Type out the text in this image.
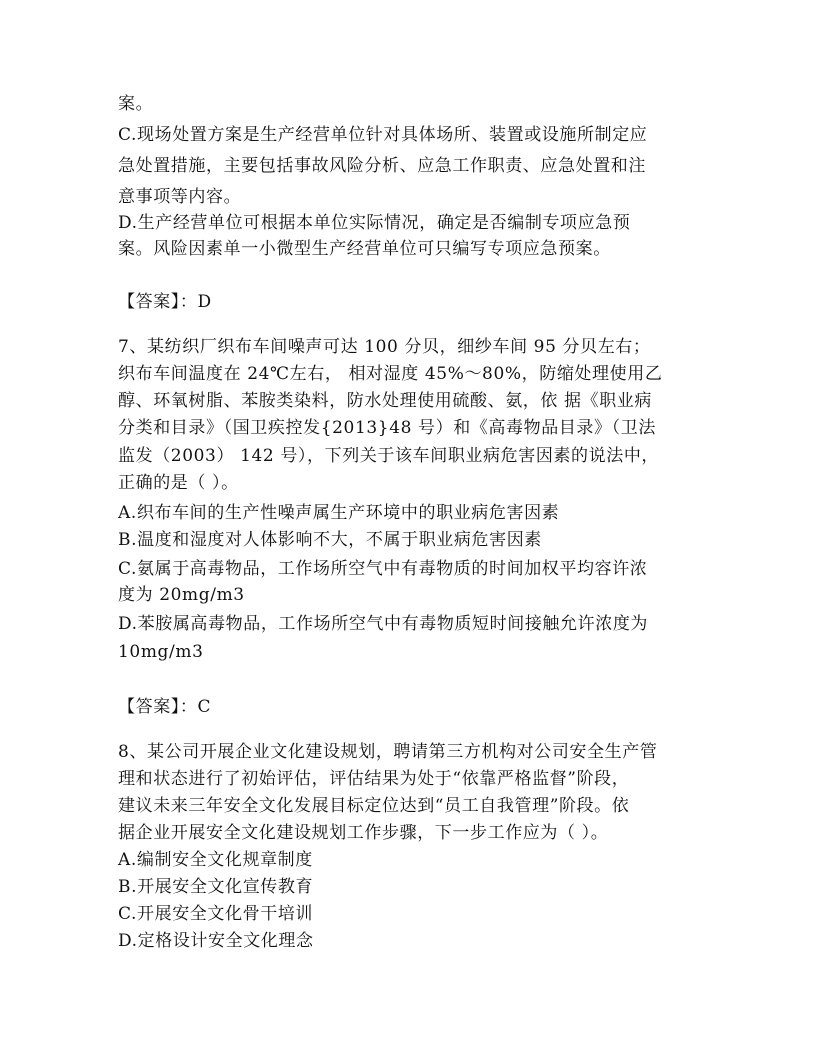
案。
C.现场处置方案是生产经营单位针对具体场所、装置或设施所制定应
急处置措施，主要包括事故风险分析、应急工作职责、应急处置和注
意事项等内容。
D.生产经营单位可根据本单位实际情况，确定是否编制专项应急预
案。风险因素单一小微型生产经营单位可只编写专项应急预案。
【答案】：D
7、某纺织厂织布车间噪声可达 100 分贝，细纱车间 95 分贝左右；
织布车间温度在 24℃左右， 相对湿度 45%～80%，防缩处理使用乙
醇、环氧树脂、苯胺类染料，防水处理使用硫酸、氨，依 据《职业病
分类和目录》（国卫疾控发{2013}48 号）和《高毒物品目录》（卫法
监发（2003） 142 号），下列关于该车间职业病危害因素的说法中，
正确的是（ ）。
A.织布车间的生产性噪声属生产环境中的职业病危害因素
B.温度和湿度对人体影响不大，不属于职业病危害因素
C.氨属于高毒物品，工作场所空气中有毒物质的时间加权平均容许浓
度为 20mg/m3
D.苯胺属高毒物品，工作场所空气中有毒物质短时间接触允许浓度为
10mg/m3
【答案】：C
8、某公司开展企业文化建设规划，聘请第三方机构对公司安全生产管
理和状态进行了初始评估，评估结果为处于“依靠严格监督”阶段，
建议未来三年安全文化发展目标定位达到“员工自我管理”阶段。依
据企业开展安全文化建设规划工作步骤，下一步工作应为（ ）。
A.编制安全文化规章制度
B.开展安全文化宣传教育
C.开展安全文化骨干培训
D.定格设计安全文化理念
